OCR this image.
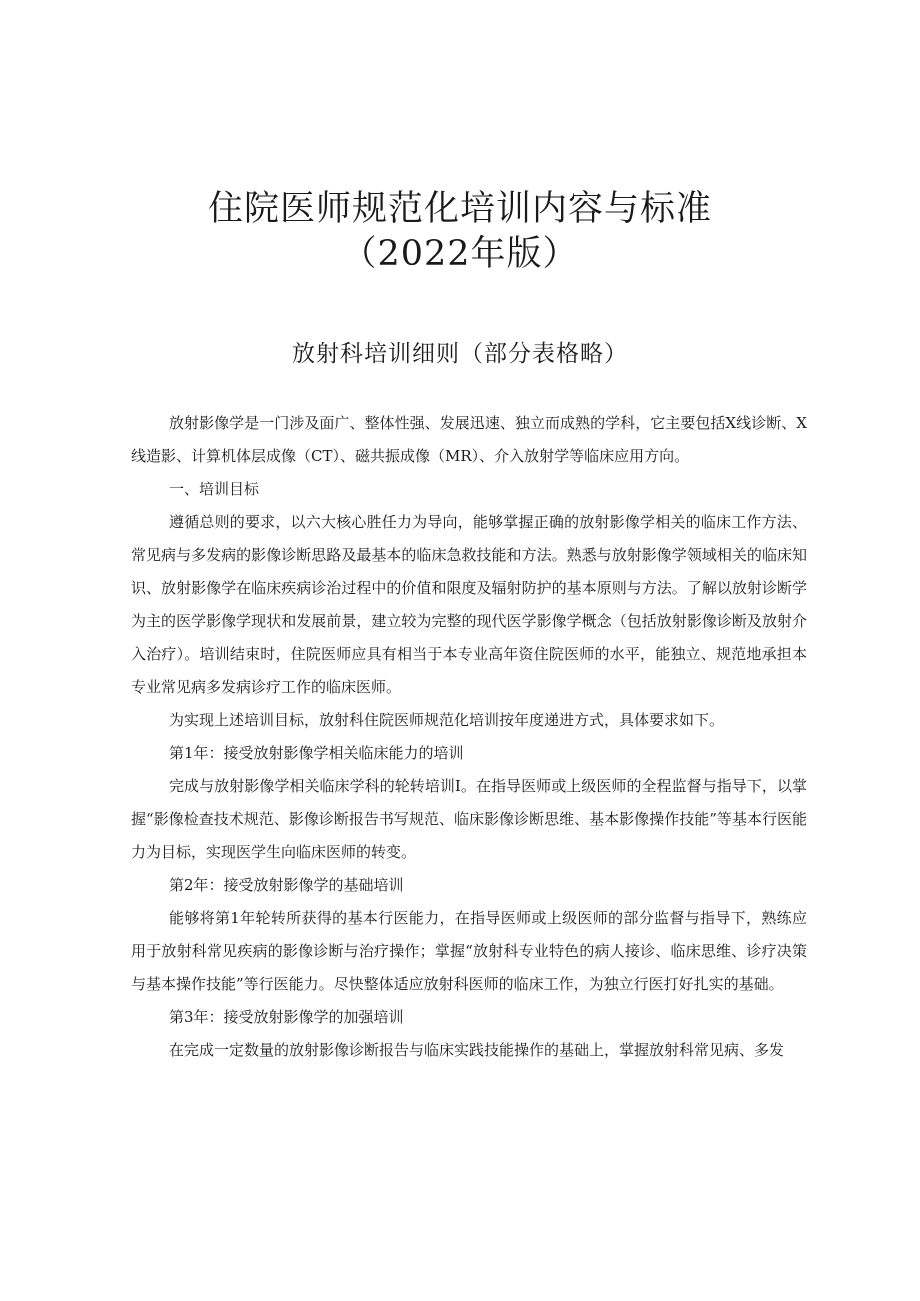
住院医师规范化培训内容与标准
（2022年版）
放射科培训细则（部分表格略）

放射影像学是一门涉及面广、整体性强、发展迅速、独立而成熟的学科，它主要包括X线诊断、X线造影、计算机体层成像（CT）、磁共振成像（MR）、介入放射学等临床应用方向。

一、培训目标

遵循总则的要求，以六大核心胜任力为导向，能够掌握正确的放射影像学相关的临床工作方法、常见病与多发病的影像诊断思路及最基本的临床急救技能和方法。熟悉与放射影像学领域相关的临床知识、放射影像学在临床疾病诊治过程中的价值和限度及辐射防护的基本原则与方法。了解以放射诊断学为主的医学影像学现状和发展前景，建立较为完整的现代医学影像学概念（包括放射影像诊断及放射介入治疗）。培训结束时，住院医师应具有相当于本专业高年资住院医师的水平，能独立、规范地承担本专业常见病多发病诊疗工作的临床医师。

为实现上述培训目标，放射科住院医师规范化培训按年度递进方式，具体要求如下。

第1年：接受放射影像学相关临床能力的培训

完成与放射影像学相关临床学科的轮转培训I。在指导医师或上级医师的全程监督与指导下，以掌握“影像检查技术规范、影像诊断报告书写规范、临床影像诊断思维、基本影像操作技能”等基本行医能力为目标，实现医学生向临床医师的转变。

第2年：接受放射影像学的基础培训

能够将第1年轮转所获得的基本行医能力，在指导医师或上级医师的部分监督与指导下，熟练应用于放射科常见疾病的影像诊断与治疗操作；掌握“放射科专业特色的病人接诊、临床思维、诊疗决策与基本操作技能”等行医能力。尽快整体适应放射科医师的临床工作，为独立行医打好扎实的基础。

第3年：接受放射影像学的加强培训

在完成一定数量的放射影像诊断报告与临床实践技能操作的基础上，掌握放射科常见病、多发
